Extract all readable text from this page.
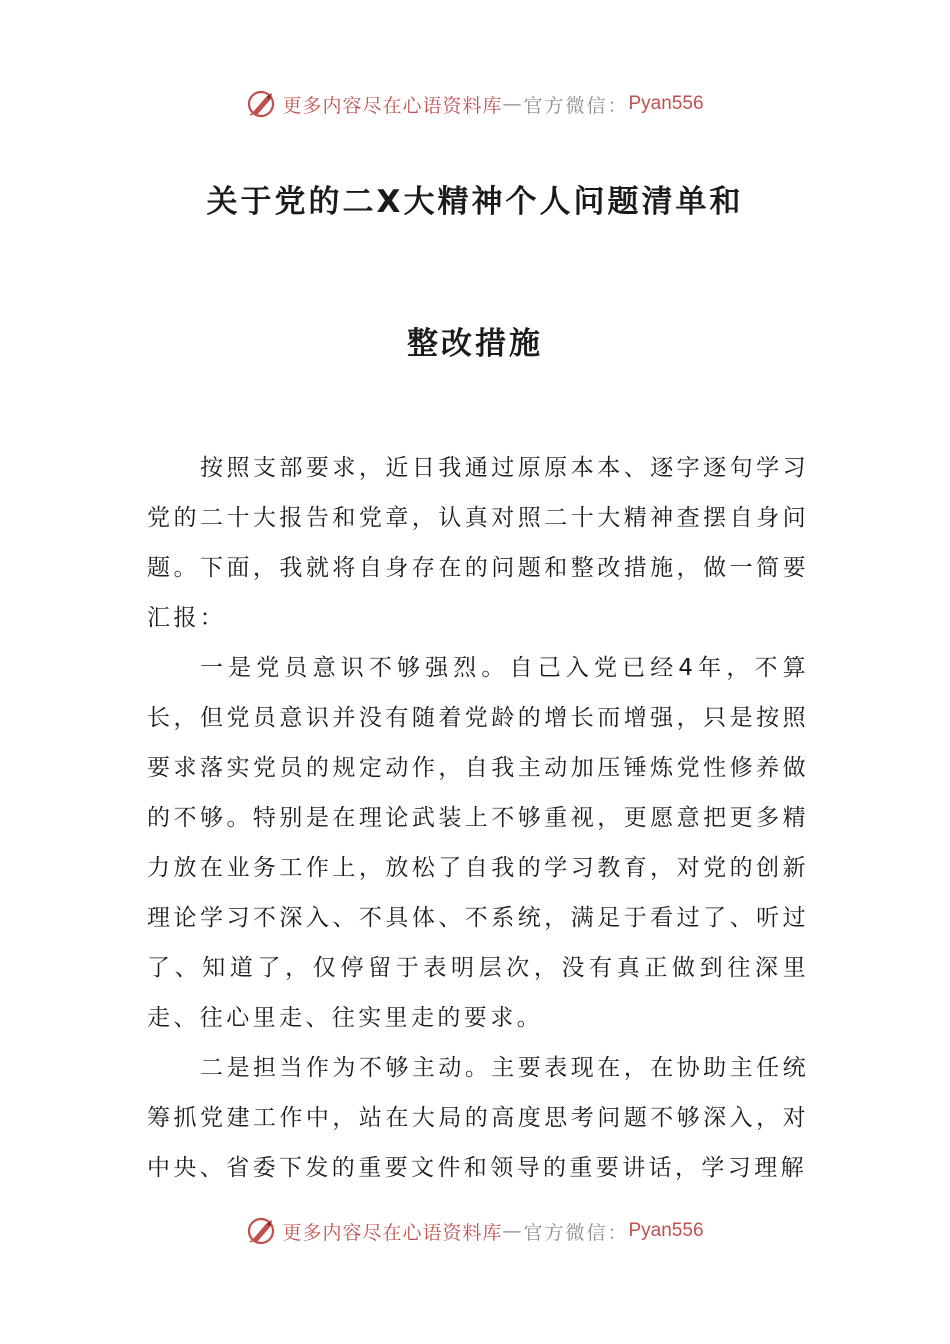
更多内容尽在心语资料库 — 官方微信： Pyan556
关于党的二X大精神个人问题清单和
整改措施

按照支部要求，近日我通过原原本本、逐字逐句学习党的二十大报告和党章，认真对照二十大精神查摆自身问题。下面，我就将自身存在的问题和整改措施，做一简要汇报：

一是党员意识不够强烈。自己入党已经4年，不算长，但党员意识并没有随着党龄的增长而增强，只是按照要求落实党员的规定动作，自我主动加压锤炼党性修养做的不够。特别是在理论武装上不够重视，更愿意把更多精力放在业务工作上，放松了自我的学习教育，对党的创新理论学习不深入、不具体、不系统，满足于看过了、听过了、知道了，仅停留于表明层次，没有真正做到往深里走、往心里走、往实里走的要求。

二是担当作为不够主动。主要表现在，在协助主任统筹抓党建工作中，站在大局的高度思考问题不够深入，对中央、省委下发的重要文件和领导的重要讲话，学习理解

更多内容尽在心语资料库 — 官方微信： Pyan556
